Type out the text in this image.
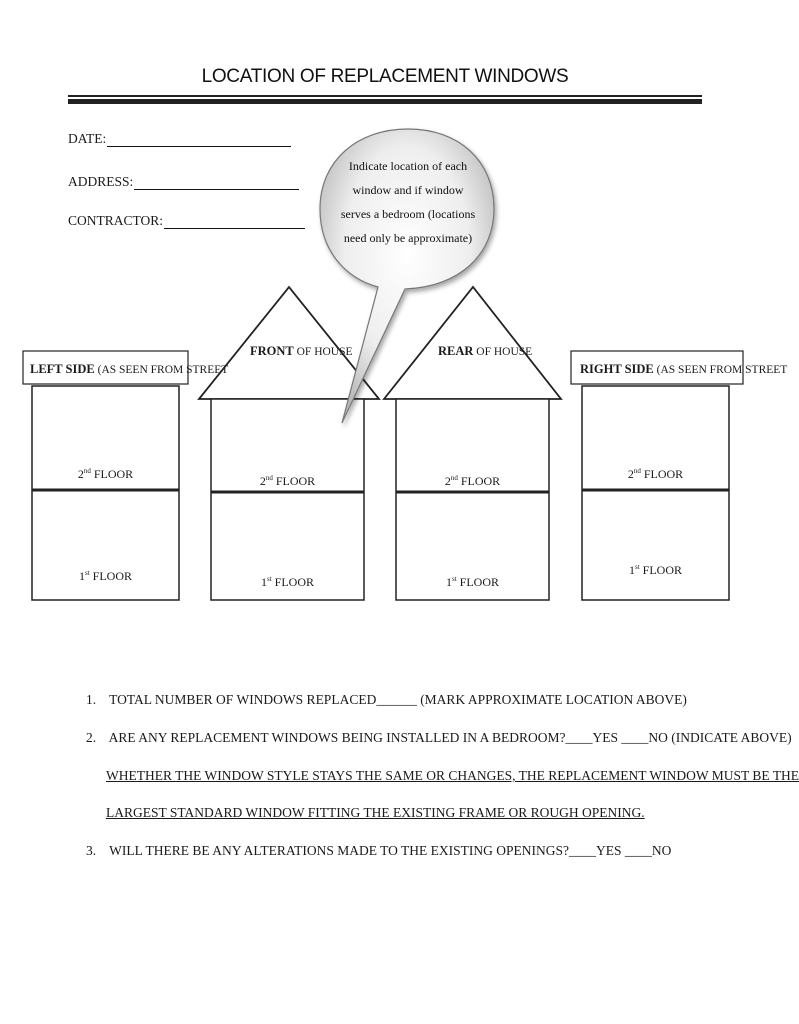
LOCATION OF REPLACEMENT WINDOWS
DATE:
ADDRESS:
CONTRACTOR:
Indicate location of each
window and if window
serves a bedroom (locations
need only be approximate)
LEFT SIDE (AS SEEN FROM STREET
FRONT OF HOUSE	REAR OF HOUSE
RIGHT SIDE (AS SEEN FROM STREET
2nd FLOOR
1st FLOOR
2nd FLOOR
1st FLOOR
2nd FLOOR
1st FLOOR
2nd FLOOR
1st FLOOR
1. TOTAL NUMBER OF WINDOWS REPLACED______ (MARK APPROXIMATE LOCATION ABOVE)
2. ARE ANY REPLACEMENT WINDOWS BEING INSTALLED IN A BEDROOM?____YES ____NO (INDICATE ABOVE)
WHETHER THE WINDOW STYLE STAYS THE SAME OR CHANGES, THE REPLACEMENT WINDOW MUST BE THE
LARGEST STANDARD WINDOW FITTING THE EXISTING FRAME OR ROUGH OPENING.
3. WILL THERE BE ANY ALTERATIONS MADE TO THE EXISTING OPENINGS?____YES ____NO
